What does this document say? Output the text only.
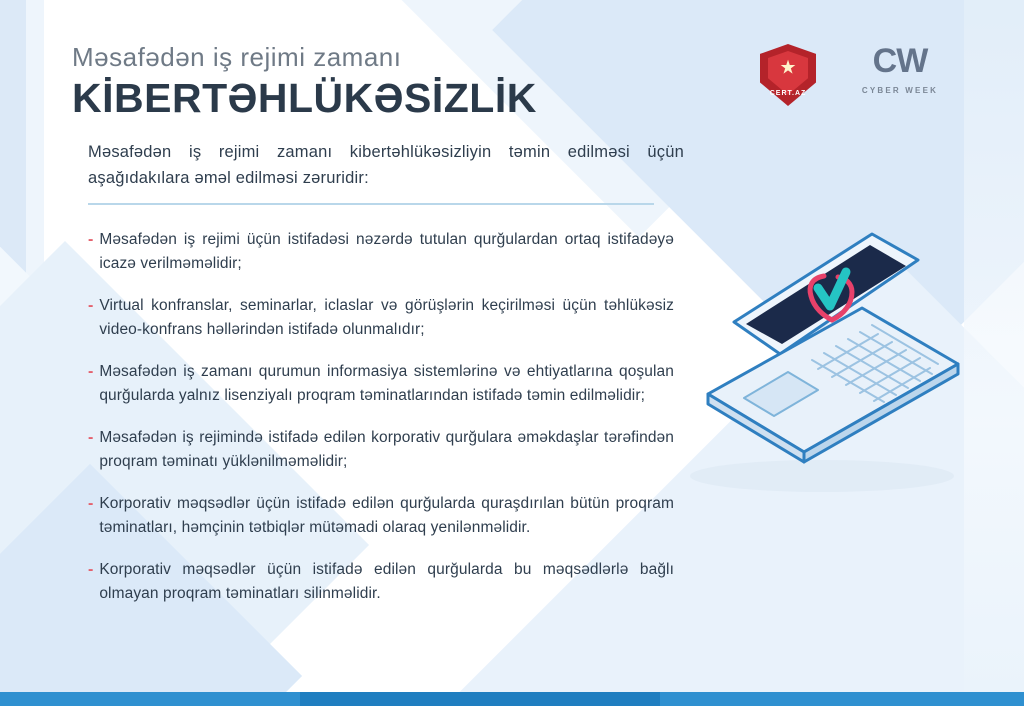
Məsafədən iş rejimi zamanı
KİBERTƏHLÜKƏSİZLİK
★
CERT.AZ
CW
CYBER WEEK
Məsafədən iş rejimi zamanı kibertəhlükəsizliyin təmin edilməsi üçün aşağıdakılara əməl edilməsi zəruridir:
- Məsafədən iş rejimi üçün istifadəsi nəzərdə tutulan qurğulardan ortaq istifadəyə icazə verilməməlidir;
- Virtual konfranslar, seminarlar, iclaslar və görüşlərin keçirilməsi üçün təhlükəsiz video-konfrans həllərindən istifadə olunmalıdır;
- Məsafədən iş zamanı qurumun informasiya sistemlərinə və ehtiyatlarına qoşulan qurğularda yalnız lisenziyalı proqram təminatlarından istifadə təmin edilməlidir;
- Məsafədən iş rejimində istifadə edilən korporativ qurğulara əməkdaşlar tərəfindən proqram təminatı yüklənilməməlidir;
- Korporativ məqsədlər üçün istifadə edilən qurğularda quraşdırılan bütün proqram təminatları, həmçinin tətbiqlər mütəmadi olaraq yenilənməlidir.
- Korporativ məqsədlər üçün istifadə edilən qurğularda bu məqsədlərlə bağlı olmayan proqram təminatları silinməlidir.
